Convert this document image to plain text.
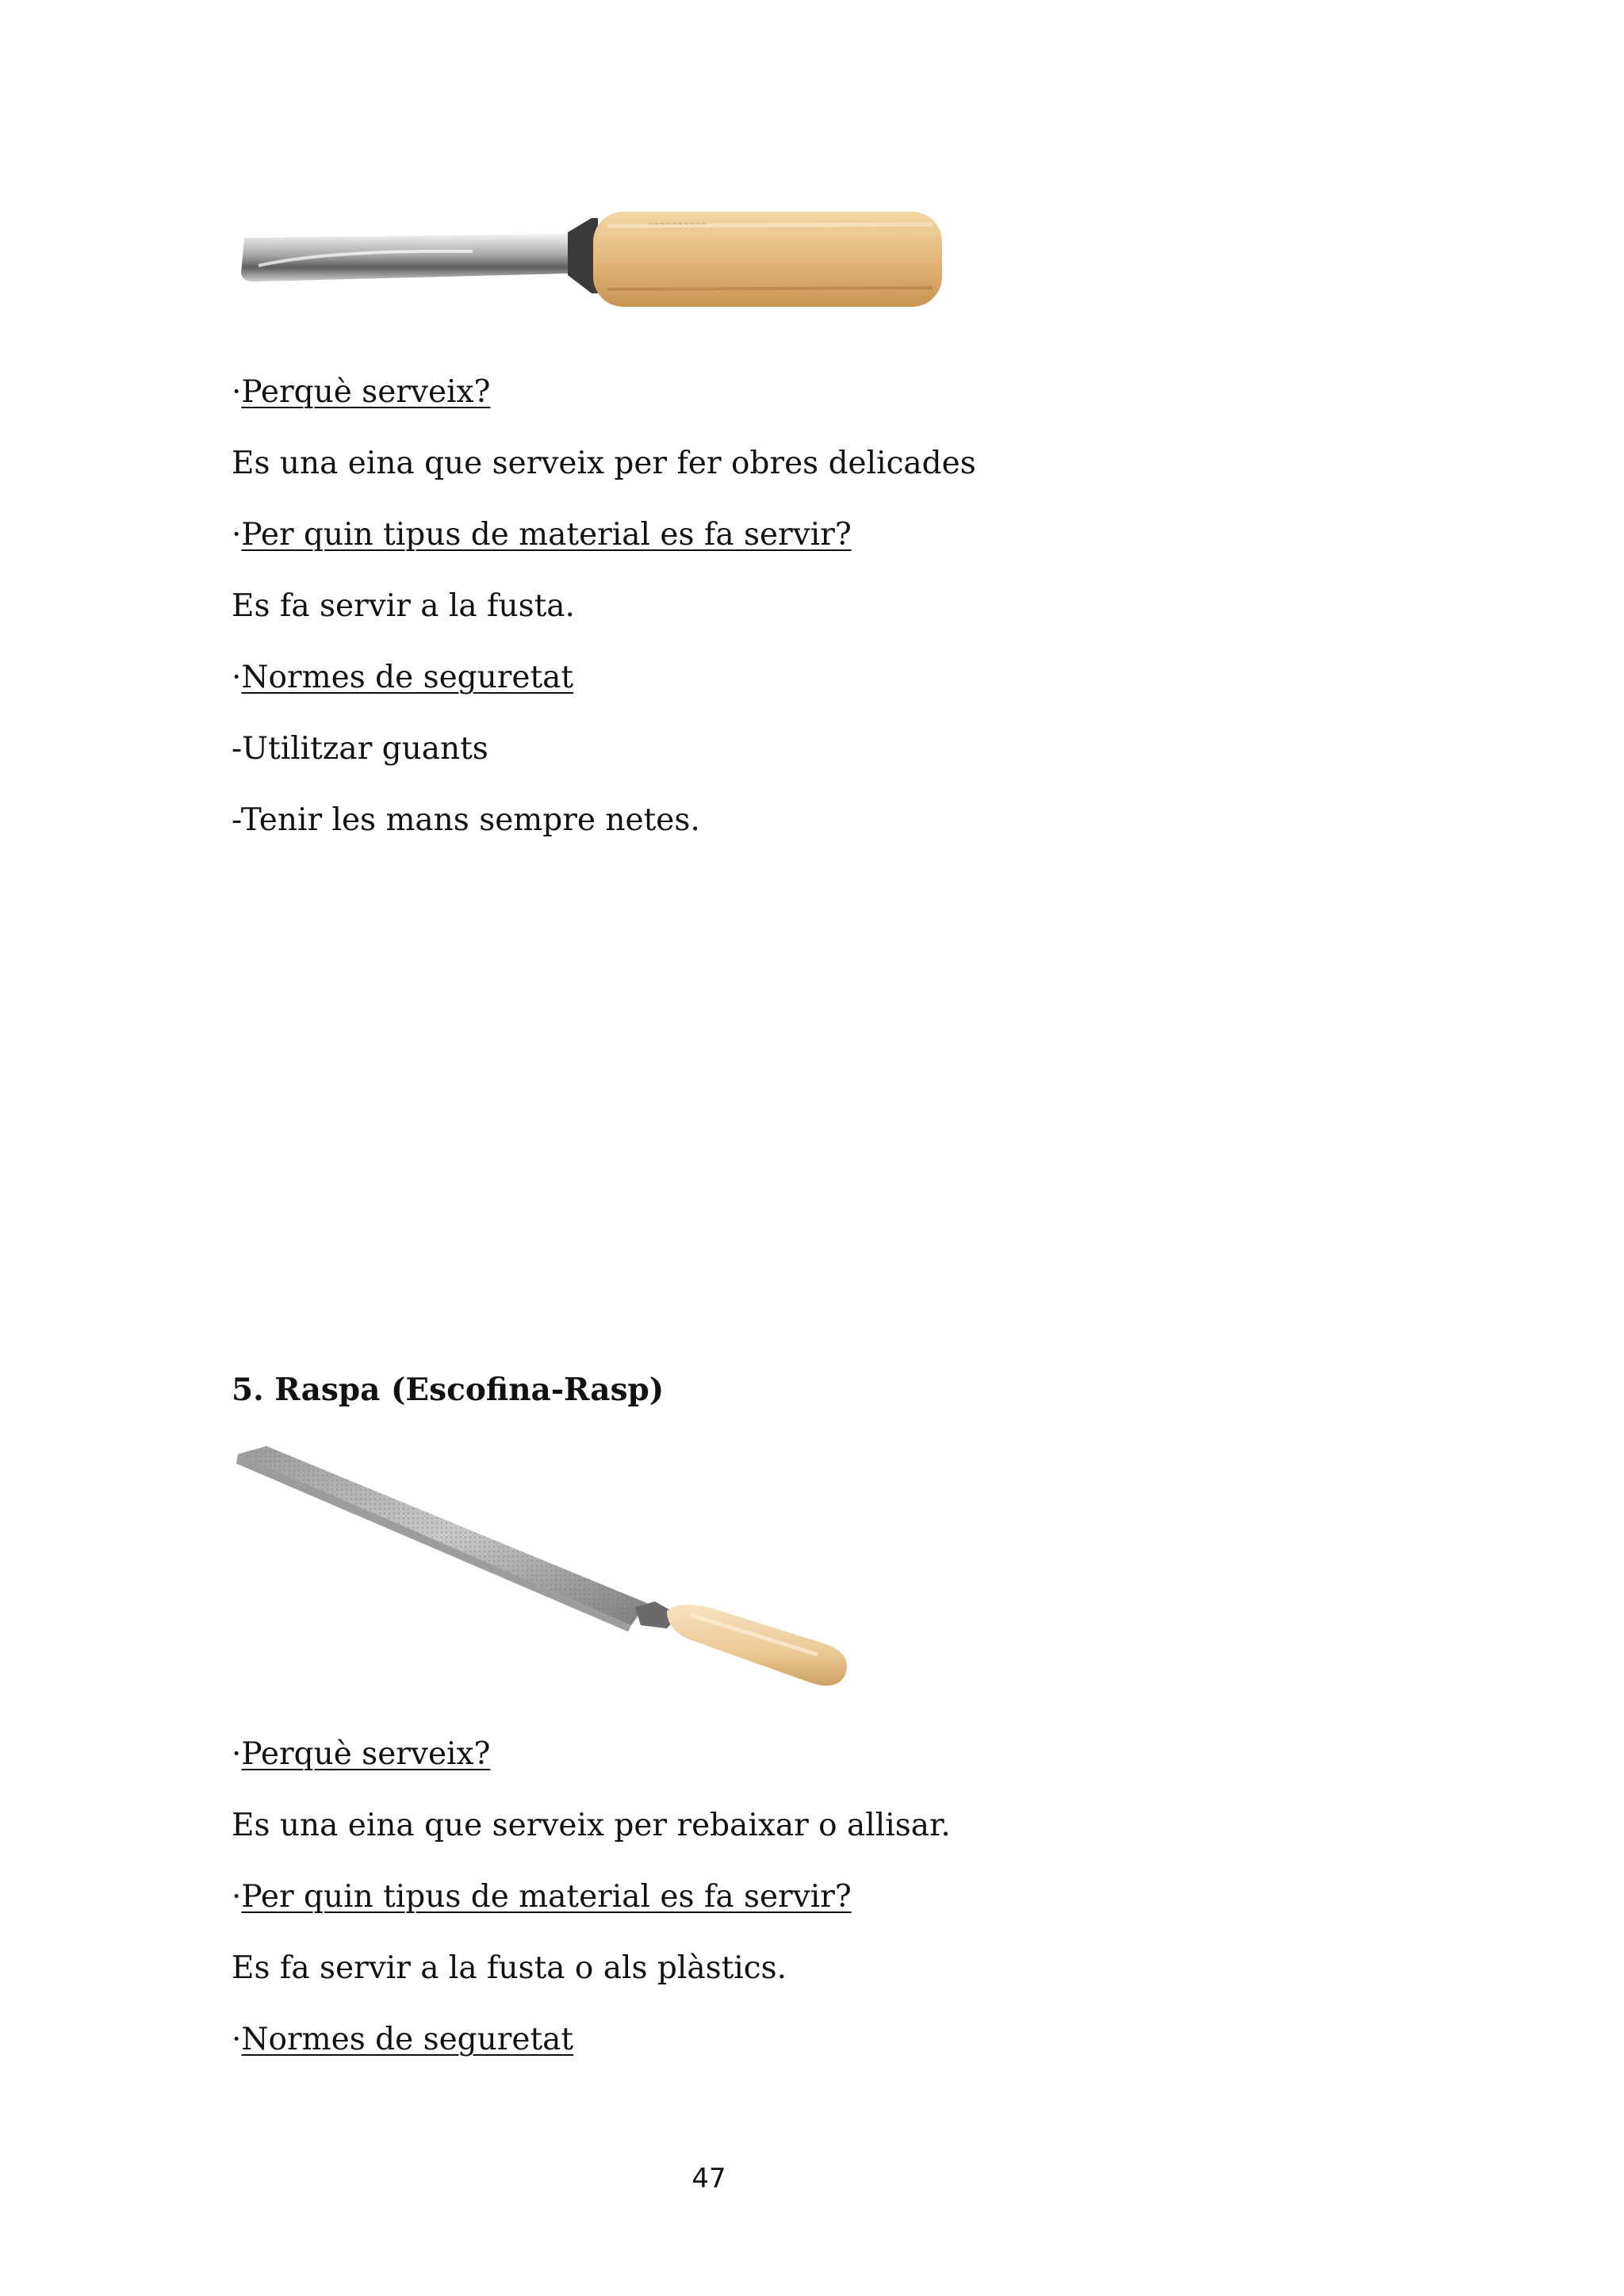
~~~~~~~~~~
·Perquè serveix?
Es una eina que serveix per fer obres delicades
·Per quin tipus de material es fa servir?
Es fa servir a la fusta.
·Normes de seguretat
-Utilitzar guants
-Tenir les mans sempre netes.
5. Raspa (Escofina-Rasp)
·Perquè serveix?
Es una eina que serveix per rebaixar o allisar.
·Per quin tipus de material es fa servir?
Es fa servir a la fusta o als plàstics.
·Normes de seguretat
47
